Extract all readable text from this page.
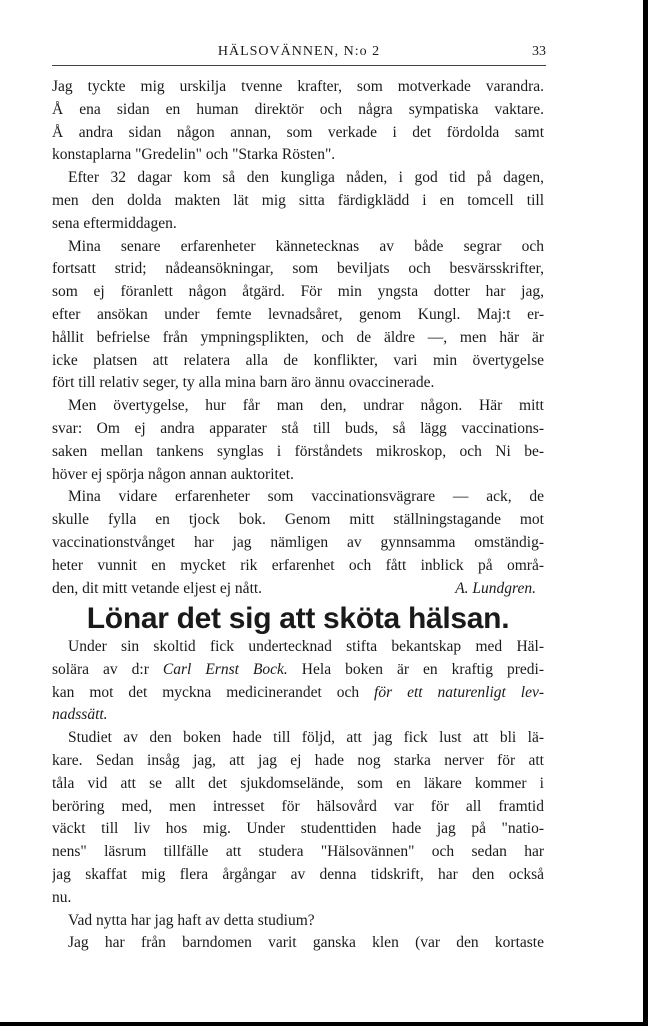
HÄLSOVÄNNEN, N:o 2	33
Jag tyckte mig urskilja tvenne krafter, som motverkade varandra.
Å ena sidan en human direktör och några sympatiska vaktare.
Å andra sidan någon annan, som verkade i det fördolda samt
konstaplarna "Gredelin" och "Starka Rösten".
Efter 32 dagar kom så den kungliga nåden, i god tid på dagen,
men den dolda makten lät mig sitta färdigklädd i en tomcell till
sena eftermiddagen.
Mina senare erfarenheter kännetecknas av både segrar och
fortsatt strid; nådeansökningar, som beviljats och besvärsskrifter,
som ej föranlett någon åtgärd. För min yngsta dotter har jag,
efter ansökan under femte levnadsåret, genom Kungl. Maj:t er-
hållit befrielse från ympningsplikten, och de äldre —, men här är
icke platsen att relatera alla de konflikter, vari min övertygelse
fört till relativ seger, ty alla mina barn äro ännu ovaccinerade.
Men övertygelse, hur får man den, undrar någon. Här mitt
svar: Om ej andra apparater stå till buds, så lägg vaccinations-
saken mellan tankens synglas i förståndets mikroskop, och Ni be-
höver ej spörja någon annan auktoritet.
Mina vidare erfarenheter som vaccinationsvägrare — ack, de
skulle fylla en tjock bok. Genom mitt ställningstagande mot
vaccinationstvånget har jag nämligen av gynnsamma omständig-
heter vunnit en mycket rik erfarenhet och fått inblick på områ-
den, dit mitt vetande eljest ej nått.	A. Lundgren.
Lönar det sig att sköta hälsan.
Under sin skoltid fick undertecknad stifta bekantskap med Häl-
solära av d:r Carl Ernst Bock. Hela boken är en kraftig predi-
kan mot det myckna medicinerandet och för ett naturenligt lev-
nadssätt.
Studiet av den boken hade till följd, att jag fick lust att bli lä-
kare. Sedan insåg jag, att jag ej hade nog starka nerver för att
tåla vid att se allt det sjukdomselände, som en läkare kommer i
beröring med, men intresset för hälsovård var för all framtid
väckt till liv hos mig. Under studenttiden hade jag på "natio-
nens" läsrum tillfälle att studera "Hälsovännen" och sedan har
jag skaffat mig flera årgångar av denna tidskrift, har den också
nu.
Vad nytta har jag haft av detta studium?
Jag har från barndomen varit ganska klen (var den kortaste
